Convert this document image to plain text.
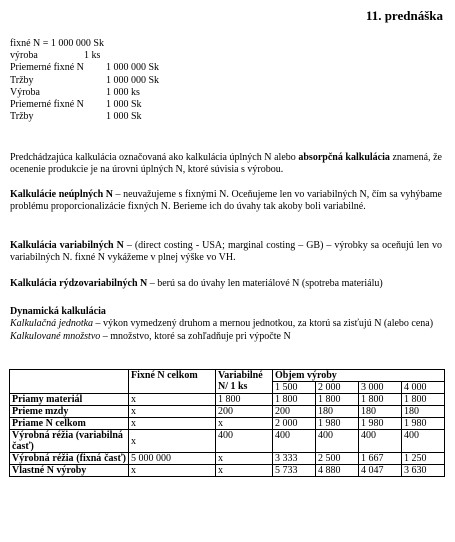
11. prednáška
fixné N = 1 000 000 Sk
výroba	1 ks
Priemerné fixné N 1 000 000 Sk
Tržby	1 000 000 Sk
Výroba	1 000 ks
Priemerné fixné N 1 000 Sk
Tržby	1 000 Sk
Predchádzajúca kalkulácia označovaná ako kalkulácia úplných N alebo absorpčná kalkulácia znamená, že ocenenie produkcie je na úrovni úplných N, ktoré súvisia s výrobou.
Kalkulácie neúplných N – neuvažujeme s fixnými N. Oceňujeme len vo variabilných N, čím sa vyhýbame problému proporcionalizácie fixných N. Berieme ich do úvahy tak akoby boli variabilné.
Kalkulácia variabilných N – (direct costing - USA; marginal costing – GB) – výrobky sa oceňujú len vo variabilných N. fixné N vykážeme v plnej výške vo VH.
Kalkulácia rýdzovariabilných N – berú sa do úvahy len materiálové N (spotreba materiálu)
Dynamická kalkulácia
Kalkulačná jednotka – výkon vymedzený druhom a mernou jednotkou, za ktorú sa zisťujú N (alebo cena)
Kalkulované množstvo – množstvo, ktoré sa zohľadňuje pri výpočte N
	Fixné N celkom	Variabilné N/ 1 ks	Objem výroby			
			1 500	2 000	3 000	4 000
Priamy materiál	x	1 800	1 800	1 800	1 800	1 800
Prieme mzdy	x	200	200	180	180	180
Priame N celkom	x	x	2 000	1 980	1 980	1 980
Výrobná réžia (variabilná časť)	x	400	400	400	400	400
Výrobná réžia (fixná časť)	5 000 000	x	3 333	2 500	1 667	1 250
Vlastné N výroby	x	x	5 733	4 880	4 047	3 630
